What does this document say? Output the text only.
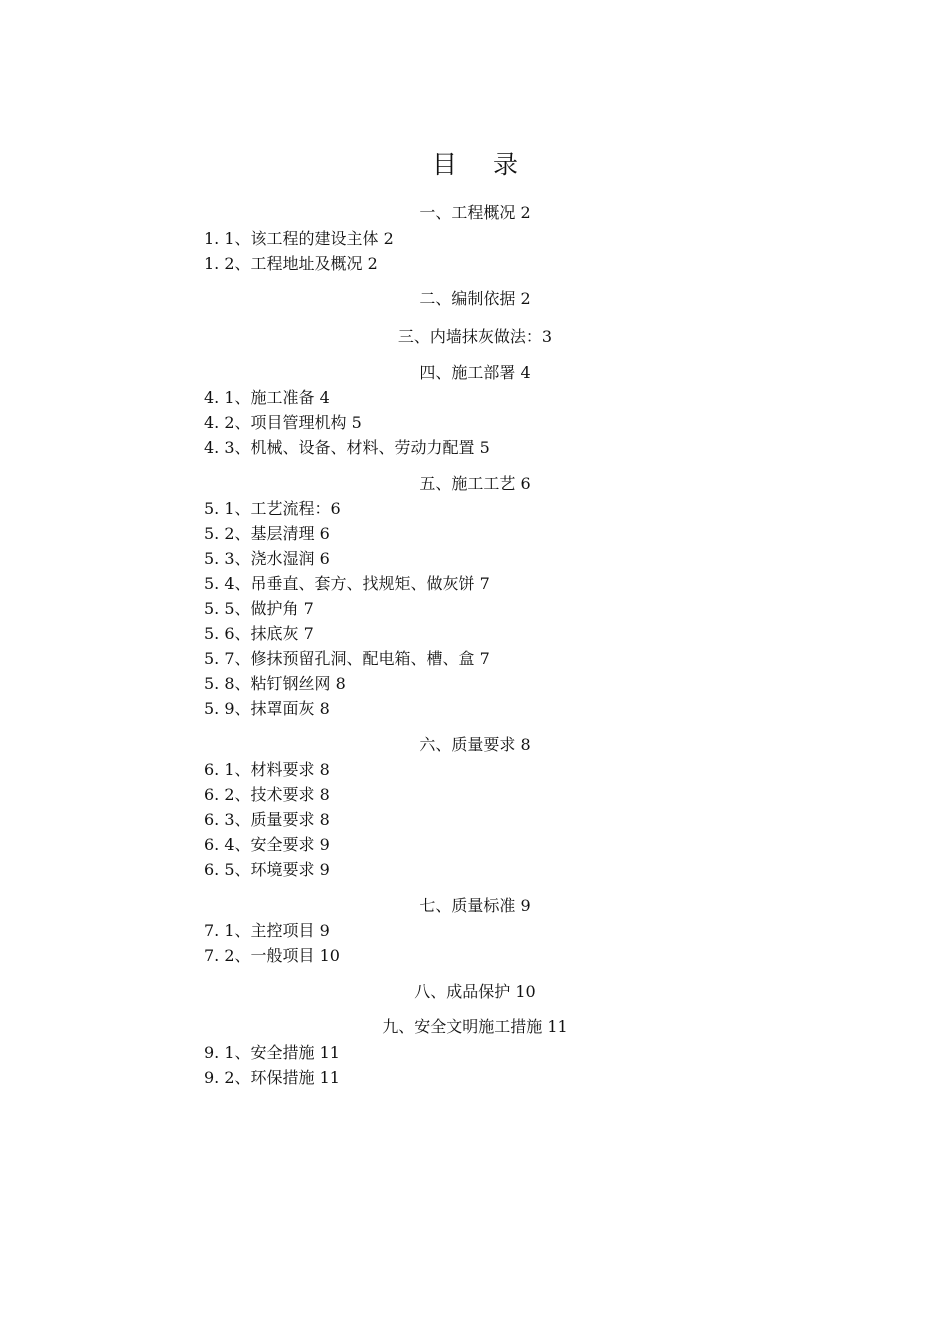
目 录
一、工程概况 2
1. 1、该工程的建设主体 2
1. 2、工程地址及概况 2
二、编制依据 2
三、内墙抹灰做法：3
四、施工部署 4
4. 1、施工准备 4
4. 2、项目管理机构 5
4. 3、机械、设备、材料、劳动力配置 5
五、施工工艺 6
5. 1、工艺流程：6
5. 2、基层清理 6
5. 3、浇水湿润 6
5. 4、吊垂直、套方、找规矩、做灰饼 7
5. 5、做护角 7
5. 6、抹底灰 7
5. 7、修抹预留孔洞、配电箱、槽、盒 7
5. 8、粘钉钢丝网 8
5. 9、抹罩面灰 8
六、质量要求 8
6. 1、材料要求 8
6. 2、技术要求 8
6. 3、质量要求 8
6. 4、安全要求 9
6. 5、环境要求 9
七、质量标准 9
7. 1、主控项目 9
7. 2、一般项目 10
八、成品保护 10
九、安全文明施工措施 11
9. 1、安全措施 11
9. 2、环保措施 11
